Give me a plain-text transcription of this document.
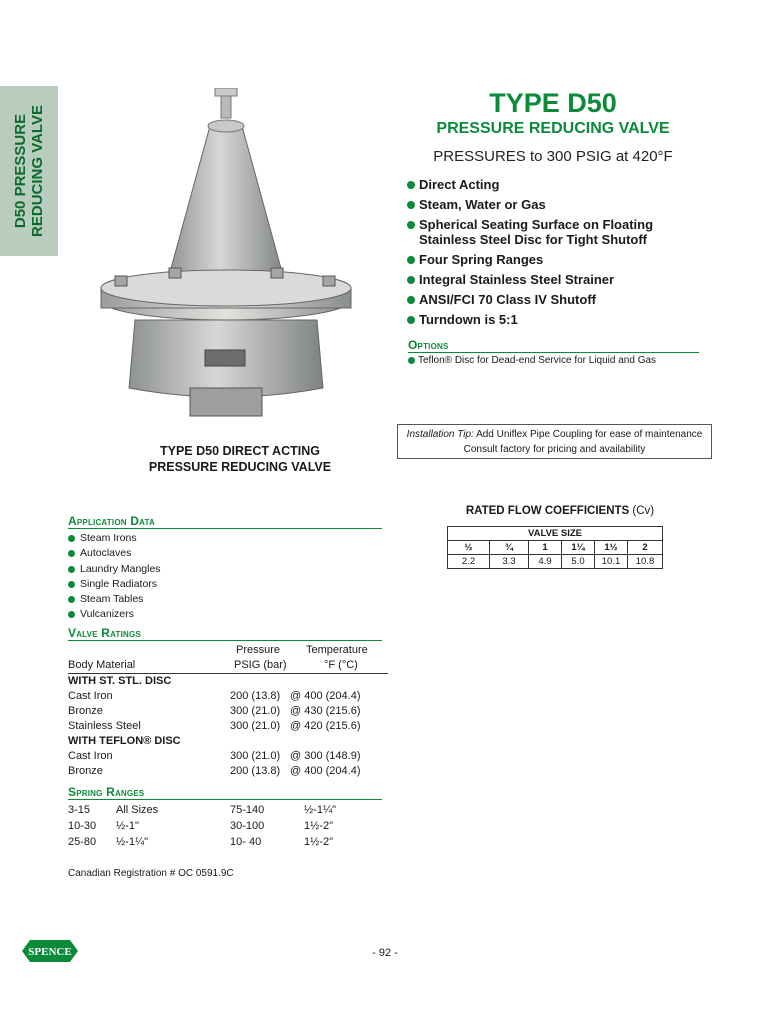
D50 PRESSURE REDUCING VALVE
TYPE D50
PRESSURE REDUCING VALVE
PRESSURES to 300 PSIG at 420°F
Direct Acting
Steam, Water or Gas
Spherical Seating Surface on Floating Stainless Steel Disc for Tight Shutoff
Four Spring Ranges
Integral Stainless Steel Strainer
ANSI/FCI 70 Class IV Shutoff
Turndown is 5:1
Options
Teflon® Disc for Dead-end Service for Liquid and Gas
Installation Tip: Add Uniflex Pipe Coupling for ease of maintenance
Consult factory for pricing and availability
TYPE D50 DIRECT ACTING
PRESSURE REDUCING VALVE
RATED FLOW COEFFICIENTS (Cv)
VALVE SIZE					
½	¾	1	1¼	1½	2
2.2	3.3	4.9	5.0	10.1	10.8
Application Data
Steam Irons
Autoclaves
Laundry Mangles
Single Radiators
Steam Tables
Vulcanizers
Valve Ratings
Pressure Temperature
Body Material	PSIG (bar)	°F (°C)
WITH ST. STL. DISC
Cast Iron	200 (13.8) @ 400 (204.4)
Bronze	300 (21.0) @ 430 (215.6)
Stainless Steel	300 (21.0) @ 420 (215.6)
WITH TEFLON® DISC
Cast Iron	300 (21.0) @ 300 (148.9)
Bronze	200 (13.8) @ 400 (204.4)
Spring Ranges
3-15 All Sizes	75-140	½-1¼"
10-30 ½-1"	30-100	1½-2"
25-80 ½-1¼"	10- 40	1½-2"
Canadian Registration # OC 0591.9C
SPENCE	- 92 -
